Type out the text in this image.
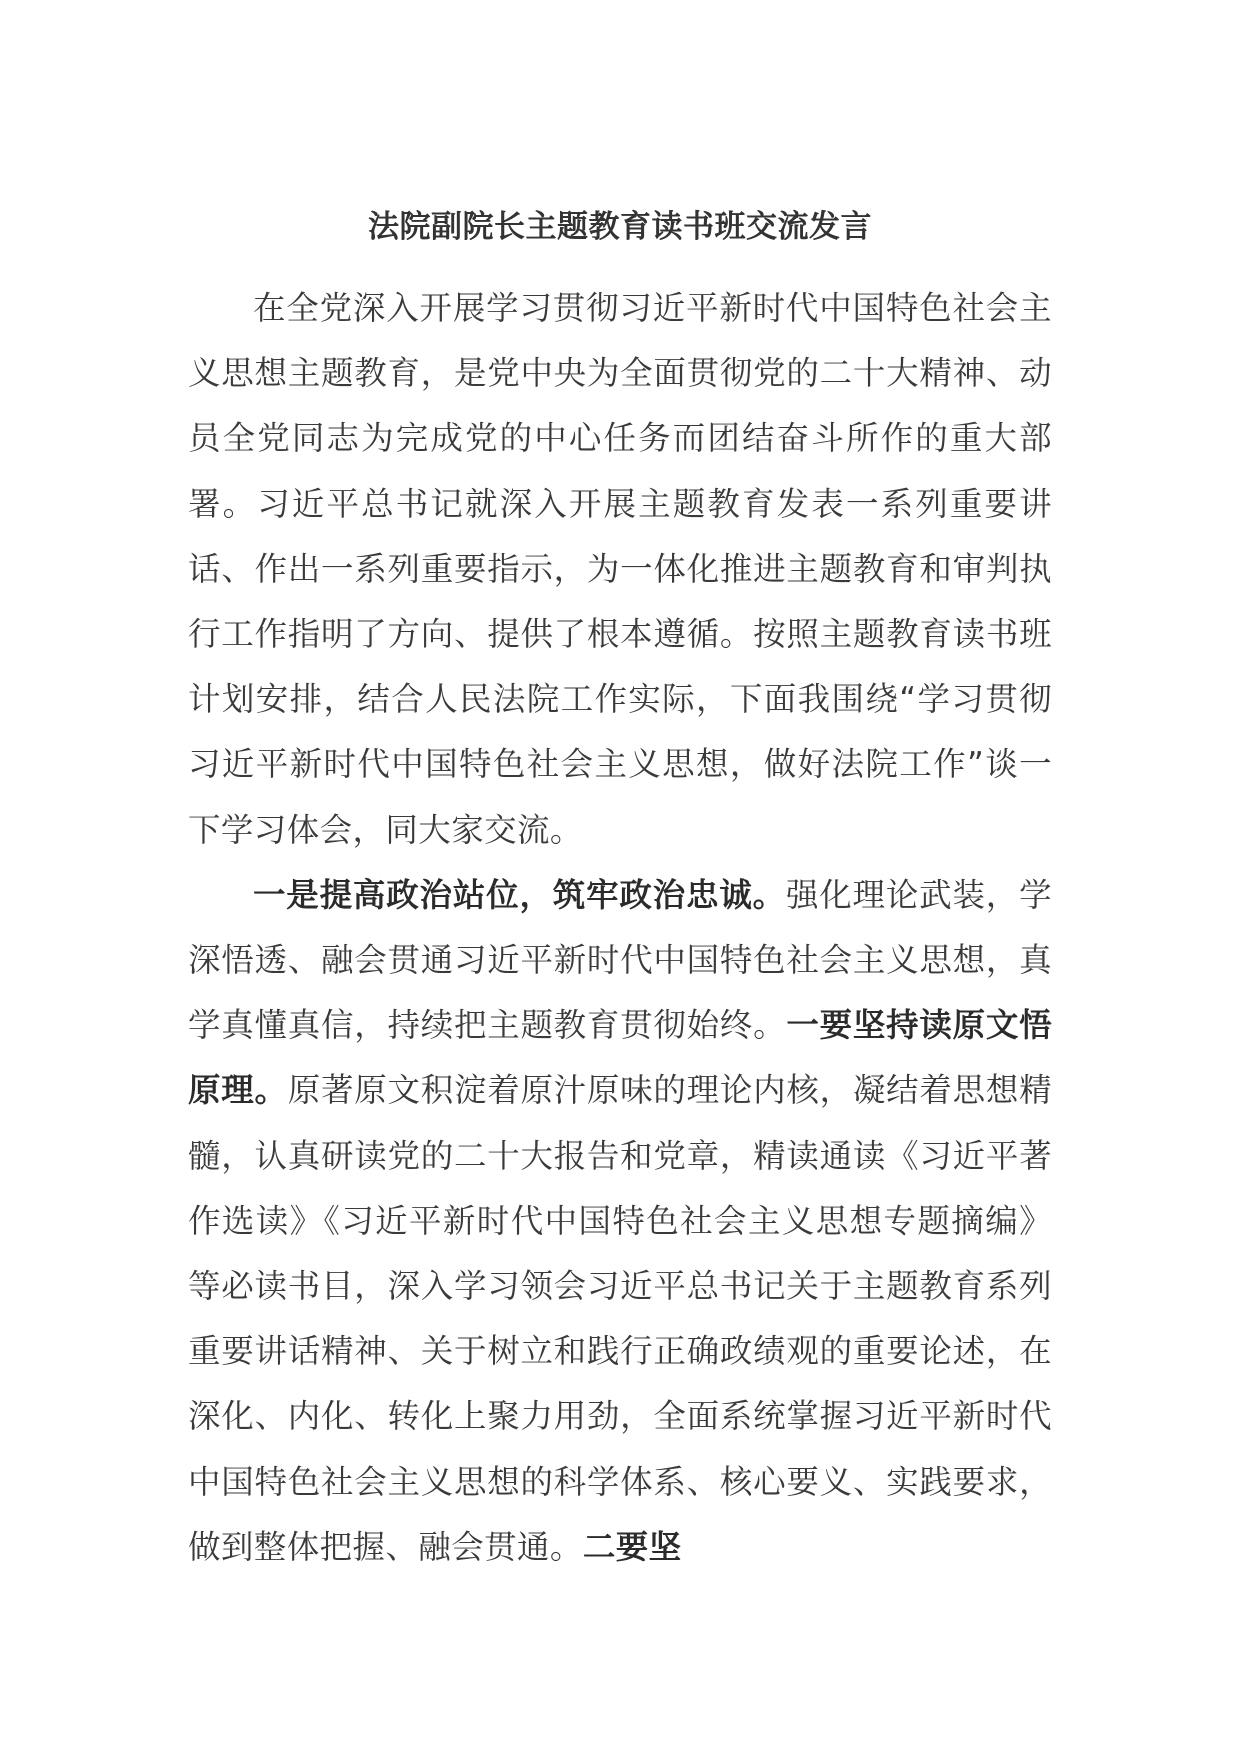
法院副院长主题教育读书班交流发言

在全党深入开展学习贯彻习近平新时代中国特色社会主义思想主题教育，是党中央为全面贯彻党的二十大精神、动员全党同志为完成党的中心任务而团结奋斗所作的重大部署。习近平总书记就深入开展主题教育发表一系列重要讲话、作出一系列重要指示，为一体化推进主题教育和审判执行工作指明了方向、提供了根本遵循。按照主题教育读书班计划安排，结合人民法院工作实际，下面我围绕“学习贯彻习近平新时代中国特色社会主义思想，做好法院工作”谈一下学习体会，同大家交流。

一是提高政治站位，筑牢政治忠诚。强化理论武装，学深悟透、融会贯通习近平新时代中国特色社会主义思想，真学真懂真信，持续把主题教育贯彻始终。一要坚持读原文悟原理。原著原文积淀着原汁原味的理论内核，凝结着思想精髓，认真研读党的二十大报告和党章，精读通读《习近平著作选读》《习近平新时代中国特色社会主义思想专题摘编》等必读书目，深入学习领会习近平总书记关于主题教育系列重要讲话精神、关于树立和践行正确政绩观的重要论述，在深化、内化、转化上聚力用劲，全面系统掌握习近平新时代中国特色社会主义思想的科学体系、核心要义、实践要求，做到整体把握、融会贯通。二要坚
